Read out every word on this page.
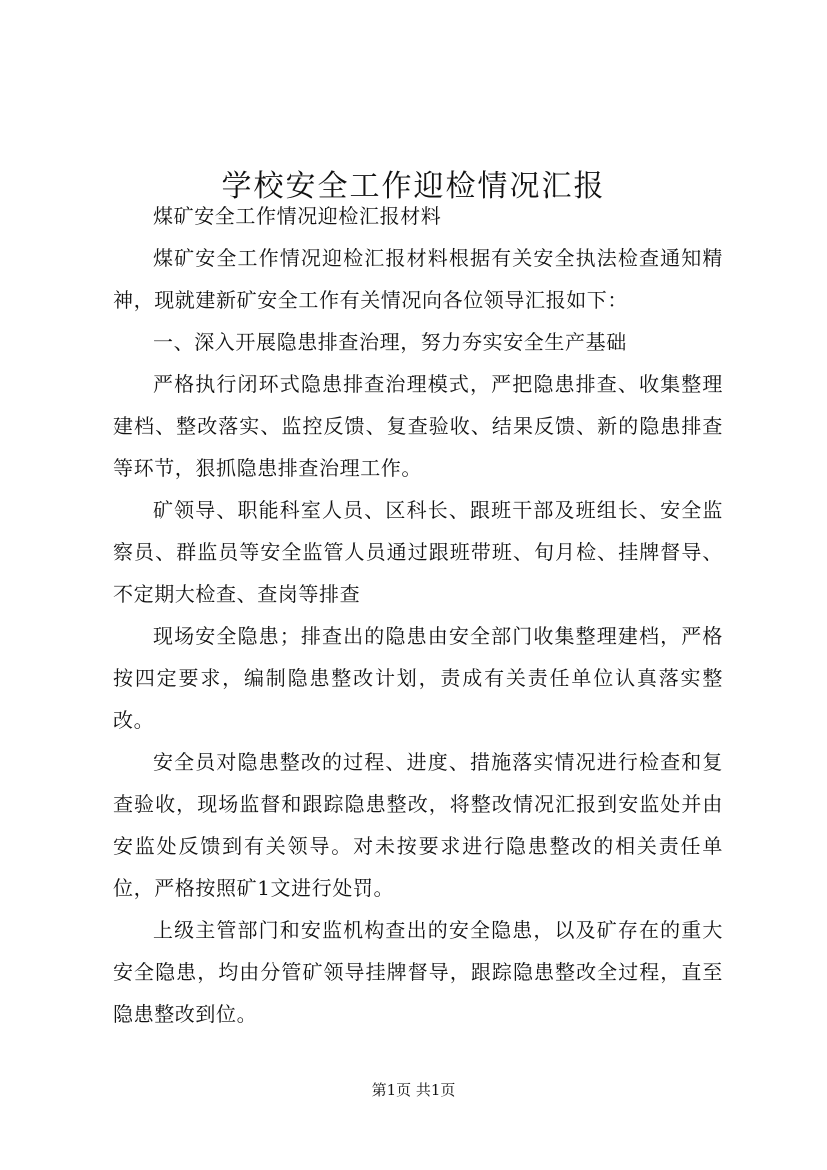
学校安全工作迎检情况汇报

煤矿安全工作情况迎检汇报材料

煤矿安全工作情况迎检汇报材料根据有关安全执法检查通知精神，现就建新矿安全工作有关情况向各位领导汇报如下：

一、深入开展隐患排查治理，努力夯实安全生产基础

严格执行闭环式隐患排查治理模式，严把隐患排查、收集整理建档、整改落实、监控反馈、复查验收、结果反馈、新的隐患排查等环节，狠抓隐患排查治理工作。

矿领导、职能科室人员、区科长、跟班干部及班组长、安全监察员、群监员等安全监管人员通过跟班带班、旬月检、挂牌督导、不定期大检查、查岗等排查

现场安全隐患；排查出的隐患由安全部门收集整理建档，严格按四定要求，编制隐患整改计划，责成有关责任单位认真落实整改。

安全员对隐患整改的过程、进度、措施落实情况进行检查和复查验收，现场监督和跟踪隐患整改，将整改情况汇报到安监处并由安监处反馈到有关领导。对未按要求进行隐患整改的相关责任单位，严格按照矿1文进行处罚。

上级主管部门和安监机构查出的安全隐患，以及矿存在的重大安全隐患，均由分管矿领导挂牌督导，跟踪隐患整改全过程，直至隐患整改到位。

第1页 共1页
